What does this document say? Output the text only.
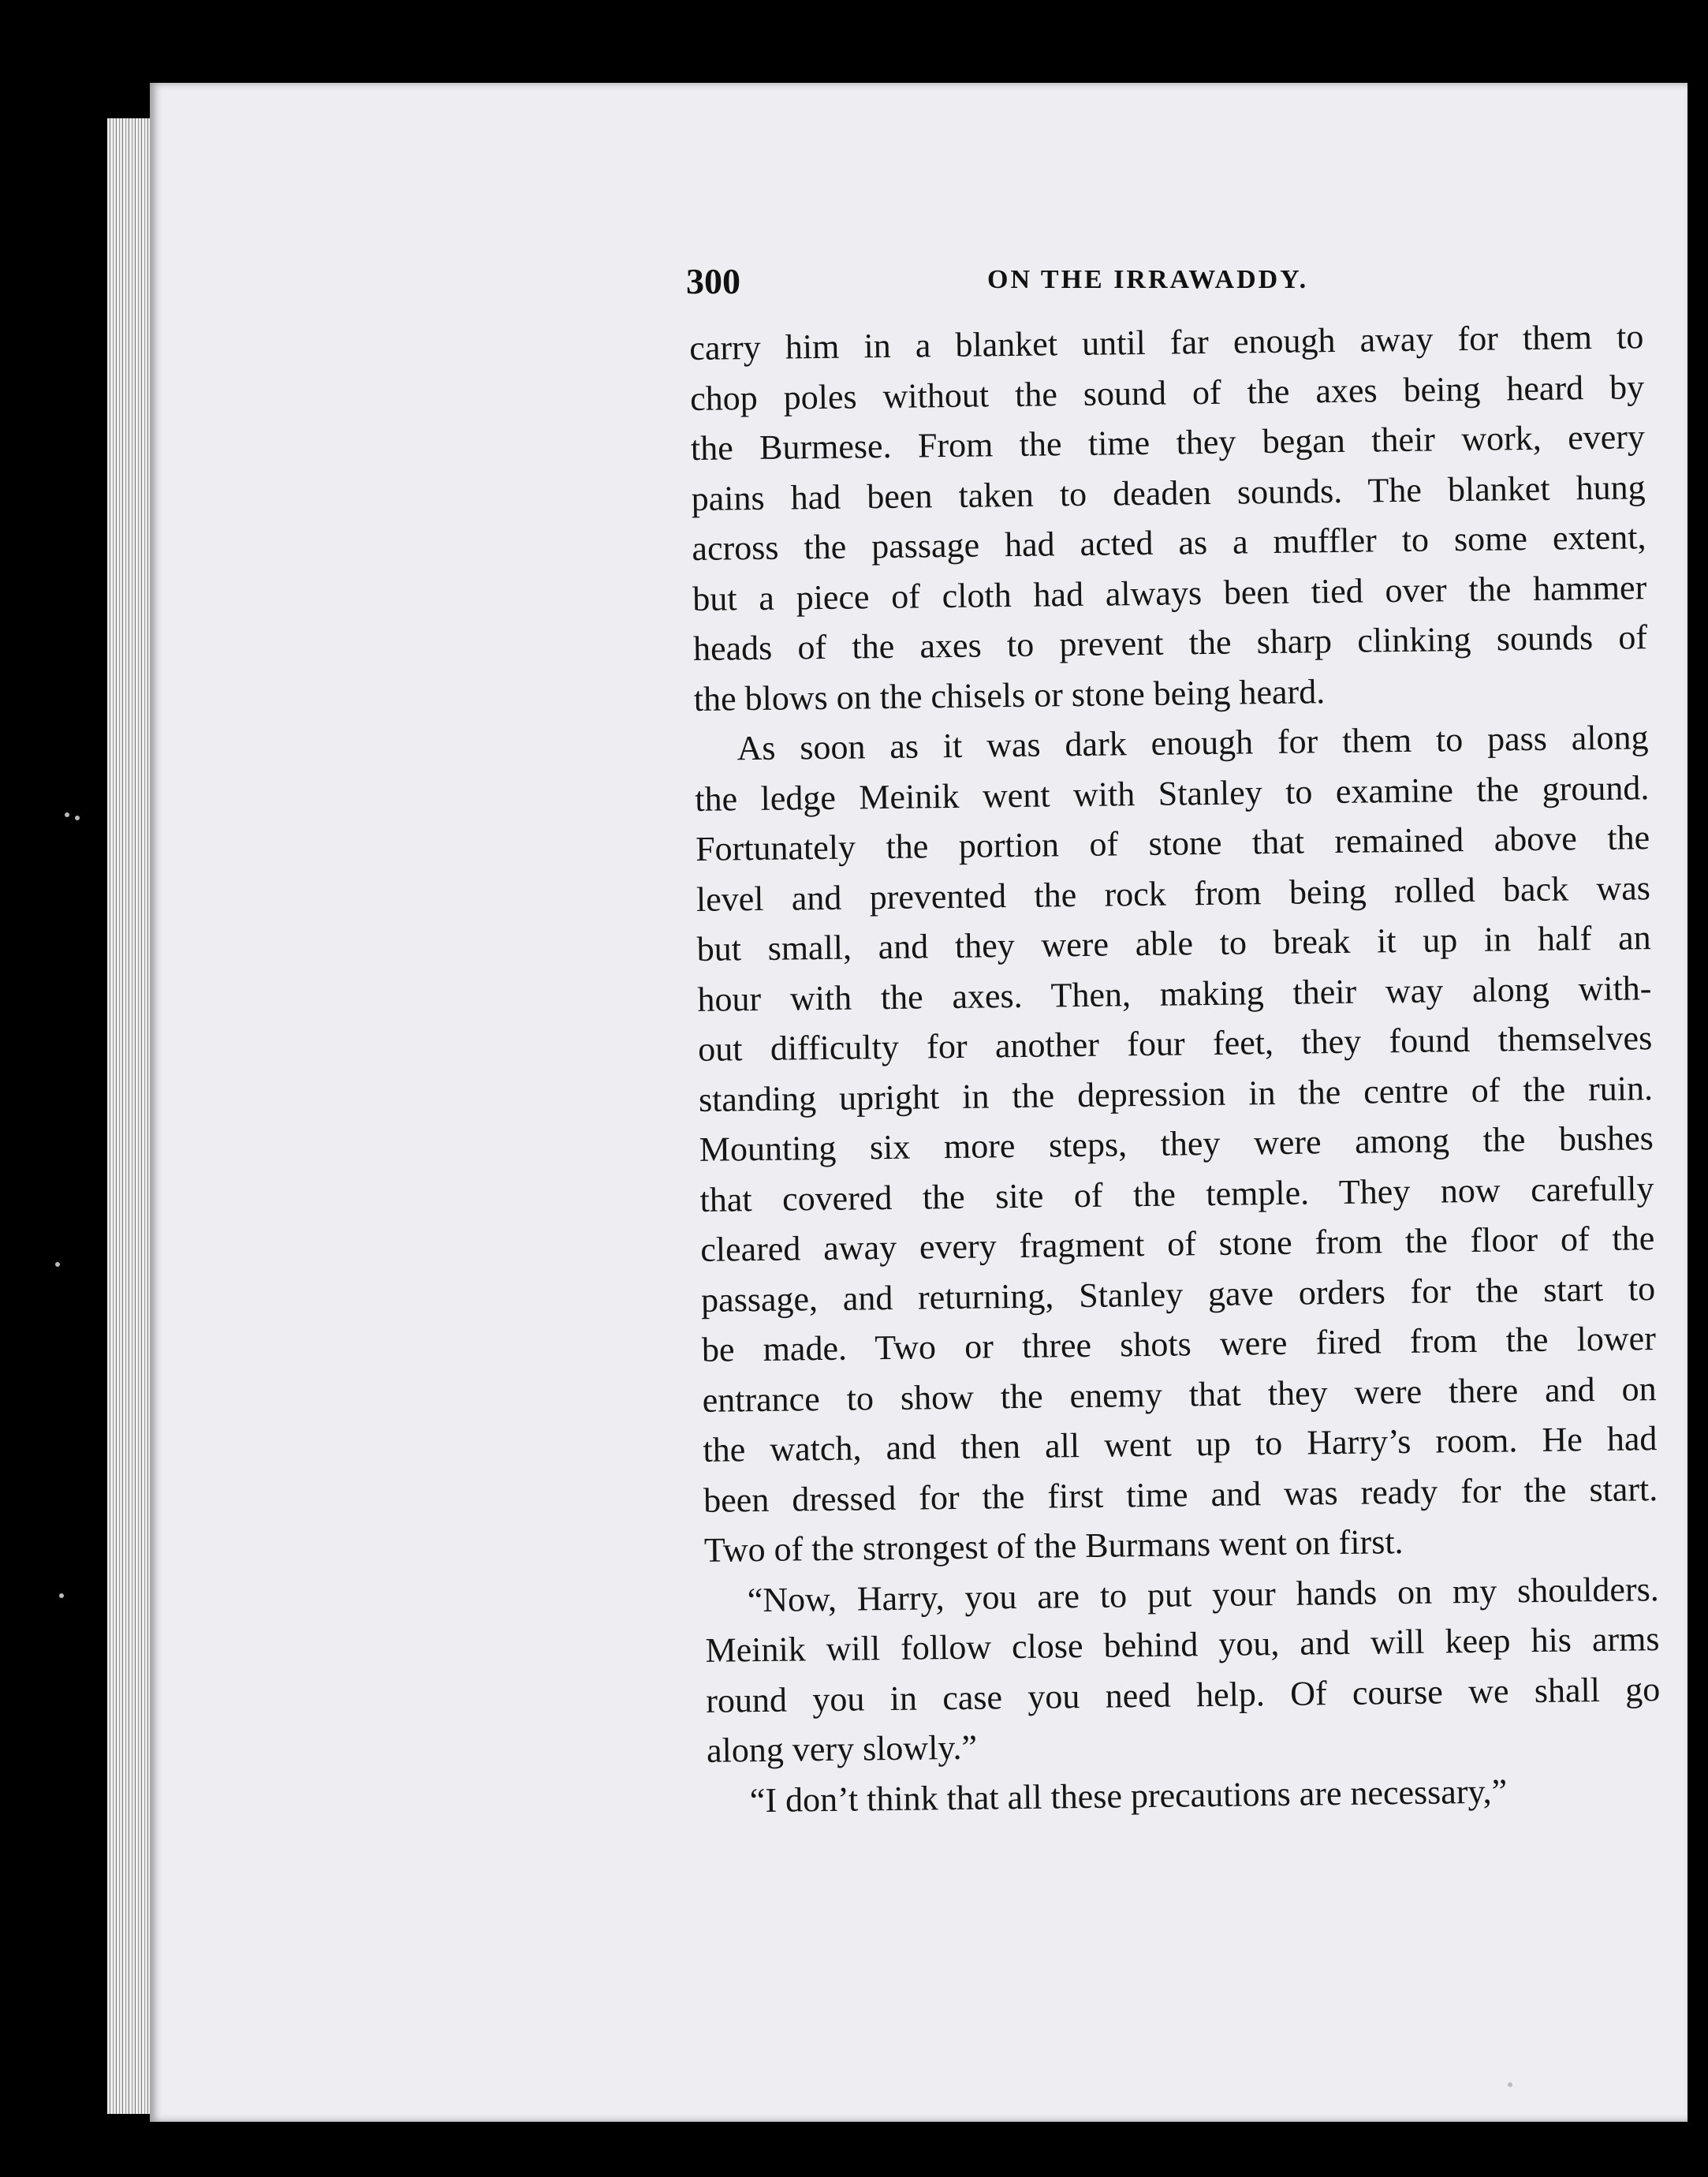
300	ON THE IRRAWADDY.
carry him in a blanket until far enough away for them to
chop poles without the sound of the axes being heard by
the Burmese. From the time they began their work, every
pains had been taken to deaden sounds. The blanket hung
across the passage had acted as a muffler to some extent,
but a piece of cloth had always been tied over the hammer
heads of the axes to prevent the sharp clinking sounds of
the blows on the chisels or stone being heard.
As soon as it was dark enough for them to pass along
the ledge Meinik went with Stanley to examine the ground.
Fortunately the portion of stone that remained above the
level and prevented the rock from being rolled back was
but small, and they were able to break it up in half an
hour with the axes. Then, making their way along with-
out difficulty for another four feet, they found themselves
standing upright in the depression in the centre of the ruin.
Mounting six more steps, they were among the bushes
that covered the site of the temple. They now carefully
cleared away every fragment of stone from the floor of the
passage, and returning, Stanley gave orders for the start to
be made. Two or three shots were fired from the lower
entrance to show the enemy that they were there and on
the watch, and then all went up to Harry’s room. He had
been dressed for the first time and was ready for the start.
Two of the strongest of the Burmans went on first.
“Now, Harry, you are to put your hands on my shoulders.
Meinik will follow close behind you, and will keep his arms
round you in case you need help. Of course we shall go
along very slowly.”
“I don’t think that all these precautions are necessary,”
